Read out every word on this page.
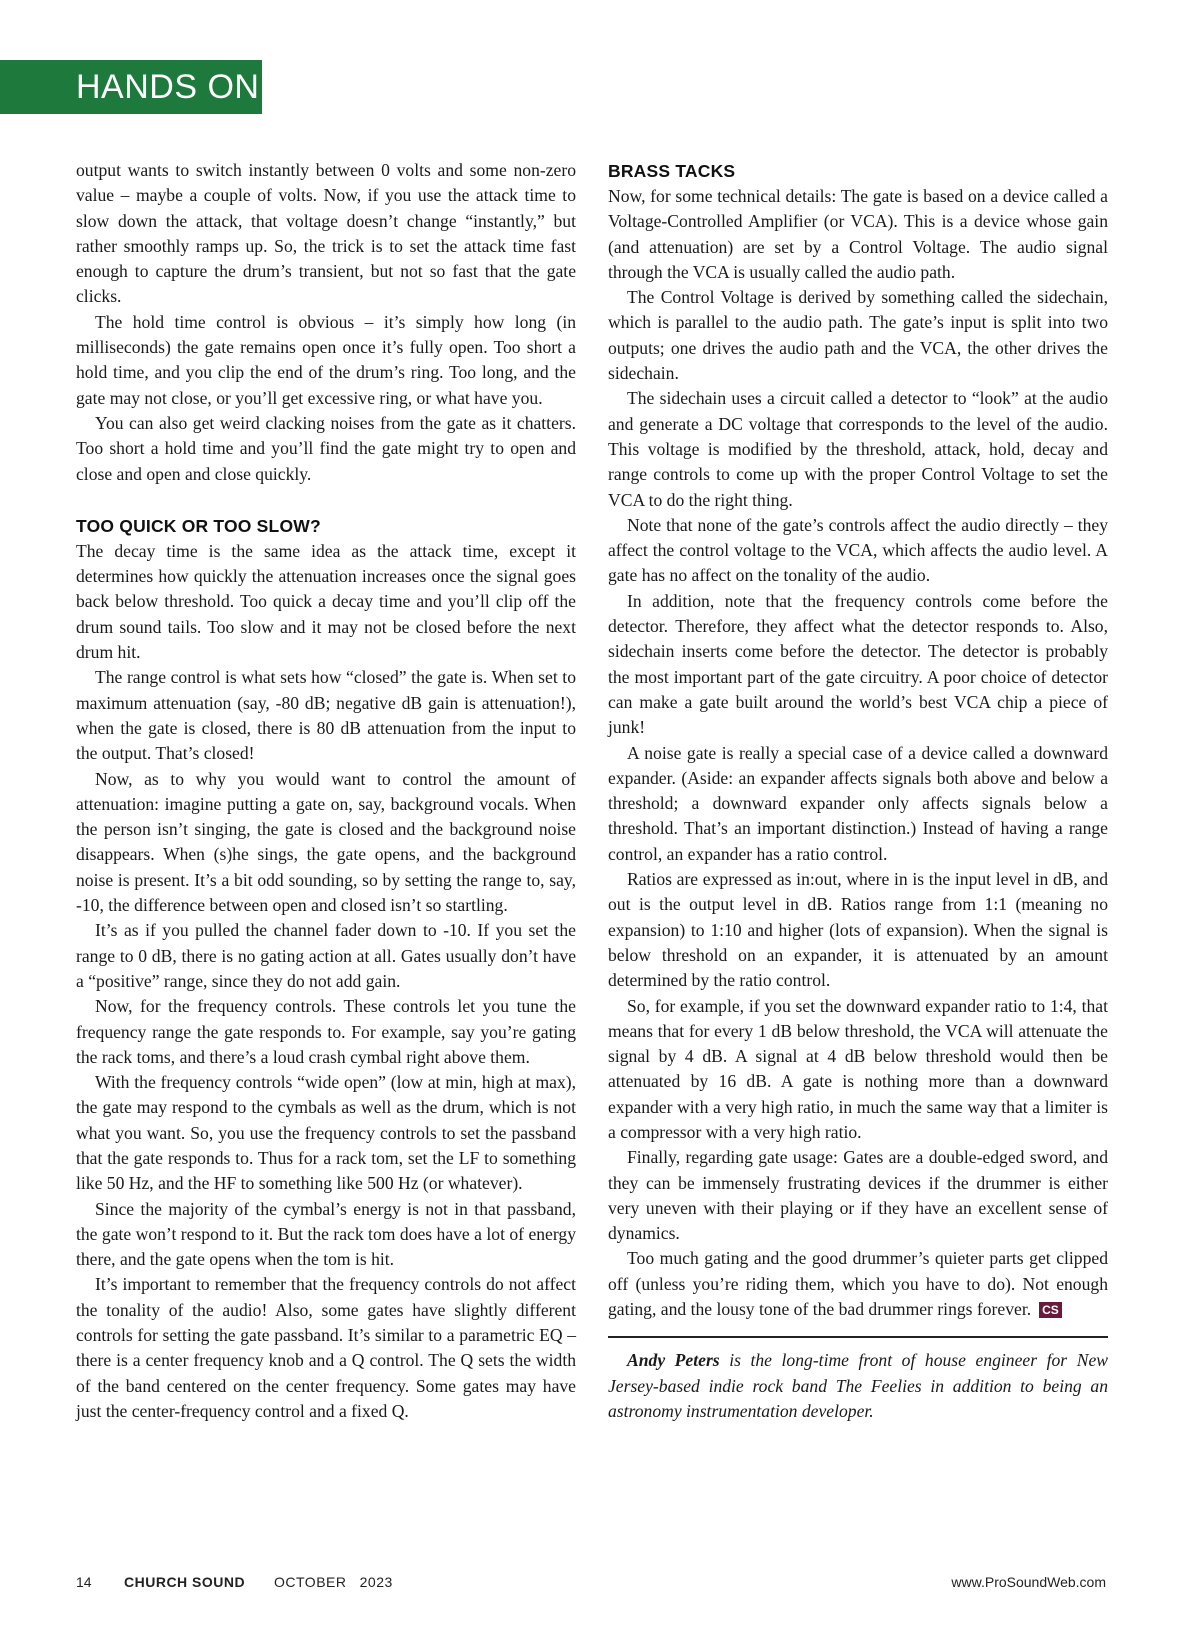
HANDS ON

output wants to switch instantly between 0 volts and some non-zero value – maybe a couple of volts. Now, if you use the attack time to slow down the attack, that voltage doesn’t change “instantly,” but rather smoothly ramps up. So, the trick is to set the attack time fast enough to capture the drum’s transient, but not so fast that the gate clicks.

The hold time control is obvious – it’s simply how long (in milliseconds) the gate remains open once it’s fully open. Too short a hold time, and you clip the end of the drum’s ring. Too long, and the gate may not close, or you’ll get excessive ring, or what have you.

You can also get weird clacking noises from the gate as it chatters. Too short a hold time and you’ll find the gate might try to open and close and open and close quickly.

TOO QUICK OR TOO SLOW?

The decay time is the same idea as the attack time, except it determines how quickly the attenuation increases once the signal goes back below threshold. Too quick a decay time and you’ll clip off the drum sound tails. Too slow and it may not be closed before the next drum hit.

The range control is what sets how “closed” the gate is. When set to maximum attenuation (say, -80 dB; negative dB gain is attenuation!), when the gate is closed, there is 80 dB attenuation from the input to the output. That’s closed!

Now, as to why you would want to control the amount of attenuation: imagine putting a gate on, say, background vocals. When the person isn’t singing, the gate is closed and the background noise disappears. When (s)he sings, the gate opens, and the background noise is present. It’s a bit odd sounding, so by setting the range to, say, -10, the difference between open and closed isn’t so startling.

It’s as if you pulled the channel fader down to -10. If you set the range to 0 dB, there is no gating action at all. Gates usually don’t have a “positive” range, since they do not add gain.

Now, for the frequency controls. These controls let you tune the frequency range the gate responds to. For example, say you’re gating the rack toms, and there’s a loud crash cymbal right above them.

With the frequency controls “wide open” (low at min, high at max), the gate may respond to the cymbals as well as the drum, which is not what you want. So, you use the frequency controls to set the passband that the gate responds to. Thus for a rack tom, set the LF to something like 50 Hz, and the HF to something like 500 Hz (or whatever).

Since the majority of the cymbal’s energy is not in that passband, the gate won’t respond to it. But the rack tom does have a lot of energy there, and the gate opens when the tom is hit.

It’s important to remember that the frequency controls do not affect the tonality of the audio! Also, some gates have slightly different controls for setting the gate passband. It’s similar to a parametric EQ – there is a center frequency knob and a Q control. The Q sets the width of the band centered on the center frequency. Some gates may have just the center-frequency control and a fixed Q.

BRASS TACKS

Now, for some technical details: The gate is based on a device called a Voltage-Controlled Amplifier (or VCA). This is a device whose gain (and attenuation) are set by a Control Voltage. The audio signal through the VCA is usually called the audio path.

The Control Voltage is derived by something called the sidechain, which is parallel to the audio path. The gate’s input is split into two outputs; one drives the audio path and the VCA, the other drives the sidechain.

The sidechain uses a circuit called a detector to “look” at the audio and generate a DC voltage that corresponds to the level of the audio. This voltage is modified by the threshold, attack, hold, decay and range controls to come up with the proper Control Voltage to set the VCA to do the right thing.

Note that none of the gate’s controls affect the audio directly – they affect the control voltage to the VCA, which affects the audio level. A gate has no affect on the tonality of the audio.

In addition, note that the frequency controls come before the detector. Therefore, they affect what the detector responds to. Also, sidechain inserts come before the detector. The detector is probably the most important part of the gate circuitry. A poor choice of detector can make a gate built around the world’s best VCA chip a piece of junk!

A noise gate is really a special case of a device called a downward expander. (Aside: an expander affects signals both above and below a threshold; a downward expander only affects signals below a threshold. That’s an important distinction.) Instead of having a range control, an expander has a ratio control.

Ratios are expressed as in:out, where in is the input level in dB, and out is the output level in dB. Ratios range from 1:1 (meaning no expansion) to 1:10 and higher (lots of expansion). When the signal is below threshold on an expander, it is attenuated by an amount determined by the ratio control.

So, for example, if you set the downward expander ratio to 1:4, that means that for every 1 dB below threshold, the VCA will attenuate the signal by 4 dB. A signal at 4 dB below threshold would then be attenuated by 16 dB. A gate is nothing more than a downward expander with a very high ratio, in much the same way that a limiter is a compressor with a very high ratio.

Finally, regarding gate usage: Gates are a double-edged sword, and they can be immensely frustrating devices if the drummer is either very uneven with their playing or if they have an excellent sense of dynamics.

Too much gating and the good drummer’s quieter parts get clipped off (unless you’re riding them, which you have to do). Not enough gating, and the lousy tone of the bad drummer rings forever. CS

Andy Peters is the long-time front of house engineer for New Jersey-based indie rock band The Feelies in addition to being an astronomy instrumentation developer.

14 CHURCH SOUND OCTOBER   2023	www.ProSoundWeb.com
